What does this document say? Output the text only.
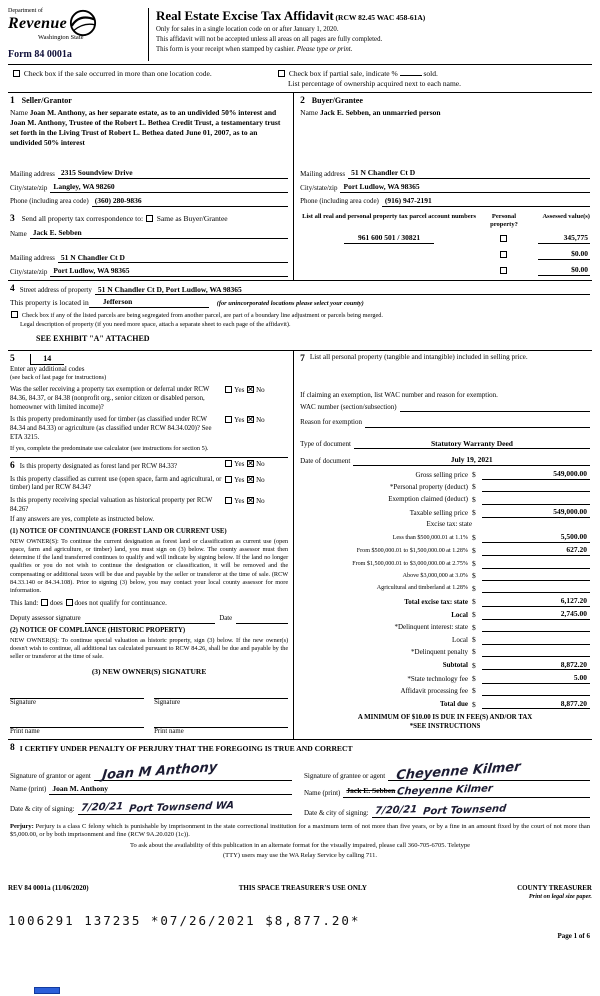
Department of
Revenue
Washington State
Form 84 0001a
Real Estate Excise Tax Affidavit (RCW 82.45 WAC 458-61A)
Only for sales in a single location code on or after January 1, 2020.
This affidavit will not be accepted unless all areas on all pages are fully completed.
This form is your receipt when stamped by cashier. Please type or print.
Check box if the sale occurred in more than one location code.	Check box if partial sale, indicate %	sold.
List percentage of ownership acquired next to each name.
1 Seller/Grantor
Name Joan M. Anthony, as her separate estate, as to an undivided 50% interest and Joan M. Anthony, Trustee of the Robert L. Bethea Credit Trust, a testamentary trust set forth in the Living Trust of Robert L. Bethea dated June 01, 2007, as to an undivided 50% interest
Mailing address 2315 Soundview Drive
City/state/zip Langley, WA 98260
Phone (including area code) (360) 280-9836
2 Buyer/Grantee
Name Jack E. Sebben, an unmarried person
Mailing address 51 N Chandler Ct D
City/state/zip Port Ludlow, WA 98365
Phone (including area code) (916) 947-2191
3 Send all property tax correspondence to: Same as Buyer/Grantee
Name Jack E. Sebben
Mailing address 51 N Chandler Ct D
City/state/zip Port Ludlow, WA 98365
List all real and personal property tax parcel account numbers	Personal property?
Assessed value(s)
961 600 501 / 30821	345,775
$0.00
$0.00
4 Street address of property 51 N Chandler Ct D, Port Ludlow, WA 98365
This property is located in	Jefferson	(for unincorporated locations please select your county)
Check box if any of the listed parcels are being segregated from another parcel, are part of a boundary line adjustment or parcels being merged.
Legal description of property (if you need more space, attach a separate sheet to each page of the affidavit).
SEE EXHIBIT "A" ATTACHED
5	14
Enter any additional codes
(see back of last page for instructions)
Was the seller receiving a property tax exemption or deferral under RCW 84.36, 84.37, or 84.38 (nonprofit org., senior citizen or disabled person, homeowner with limited income)?
Yes ✕ No
Is this property predominantly used for timber (as classified under RCW 84.34 and 84.33) or agriculture (as classified under RCW 84.34.020)? See ETA 3215.
Yes ✕ No
If yes, complete the predominate use calculator (see instructions for section 5).
6 Is this property designated as forest land per RCW 84.33?	Yes ✕ No
Is this property classified as current use (open space, farm and agricultural, or timber) land per RCW 84.34?
Yes ✕ No
Is this property receiving special valuation as historical property per RCW 84.26?
Yes ✕ No
If any answers are yes, complete as instructed below.
(1) NOTICE OF CONTINUANCE (FOREST LAND OR CURRENT USE)
NEW OWNER(S): To continue the current designation as forest land or classification as current use (open space, farm and agriculture, or timber) land, you must sign on (3) below. The county assessor must then determine if the land transferred continues to qualify and will indicate by signing below. If the land no longer qualifies or you do not wish to continue the designation or classification, it will be removed and the compensating or additional taxes will be due and payable by the seller or transferor at the time of sale. (RCW 84.33.140 or 84.34.108). Prior to signing (3) below, you may contact your local county assessor for more information.
This land: does does not qualify for continuance.
Deputy assessor signature	Date
(2) NOTICE OF COMPLIANCE (HISTORIC PROPERTY)
NEW OWNER(S): To continue special valuation as historic property, sign (3) below. If the new owner(s) doesn't wish to continue, all additional tax calculated pursuant to RCW 84.26, shall be due and payable by the seller or transferor at the time of sale.
(3) NEW OWNER(S) SIGNATURE
Signature	Signature
Print name	Print name
7 List all personal property (tangible and intangible) included in selling price.
If claiming an exemption, list WAC number and reason for exemption.
WAC number (section/subsection)
Reason for exemption
Type of document	Statutory Warranty Deed
Date of document	July 19, 2021
Gross selling price $	549,000.00
*Personal property (deduct) $
Exemption claimed (deduct) $
Taxable selling price $	549,000.00
Excise tax: state
Less than $500,000.01 at 1.1% $	5,500.00
From $500,000.01 to $1,500,000.00 at 1.28% $	627.20
From $1,500,000.01 to $3,000,000.00 at 2.75% $
Above $3,000,000 at 3.0% $
Agricultural and timberland at 1.28% $
Total excise tax: state $	6,127.20
Local $	2,745.00
*Delinquent interest: state $
Local $
*Delinquent penalty $
Subtotal $	8,872.20
*State technology fee $	5.00
Affidavit processing fee $
Total due $	8,877.20
A MINIMUM OF $10.00 IS DUE IN FEE(S) AND/OR TAX
*SEE INSTRUCTIONS
8 I CERTIFY UNDER PENALTY OF PERJURY THAT THE FOREGOING IS TRUE AND CORRECT
Signature of grantor or agent Joan M Anthony
Name (print) Joan M. Anthony
Date & city of signing: 7/20/21 Port Townsend WA
Signature of grantee or agent Cheyenne Kilmer
Name (print) Jack E. Sebben Cheyenne Kilmer
Date & city of signing: 7/20/21 Port Townsend
Perjury: Perjury is a class C felony which is punishable by imprisonment in the state correctional institution for a maximum term of not more than five years, or by a fine in an amount fixed by the court of not more than $5,000.00, or by both imprisonment and fine (RCW 9A.20.020 (1c)).
To ask about the availability of this publication in an alternate format for the visually impaired, please call 360-705-6705. Teletype
(TTY) users may use the WA Relay Service by calling 711.
REV 84 0001a (11/06/2020)	THIS SPACE TREASURER'S USE ONLY	COUNTY TREASURER
Print on legal size paper.
1006291 137235 *07/26/2021 $8,877.20*
Page 1 of 6
